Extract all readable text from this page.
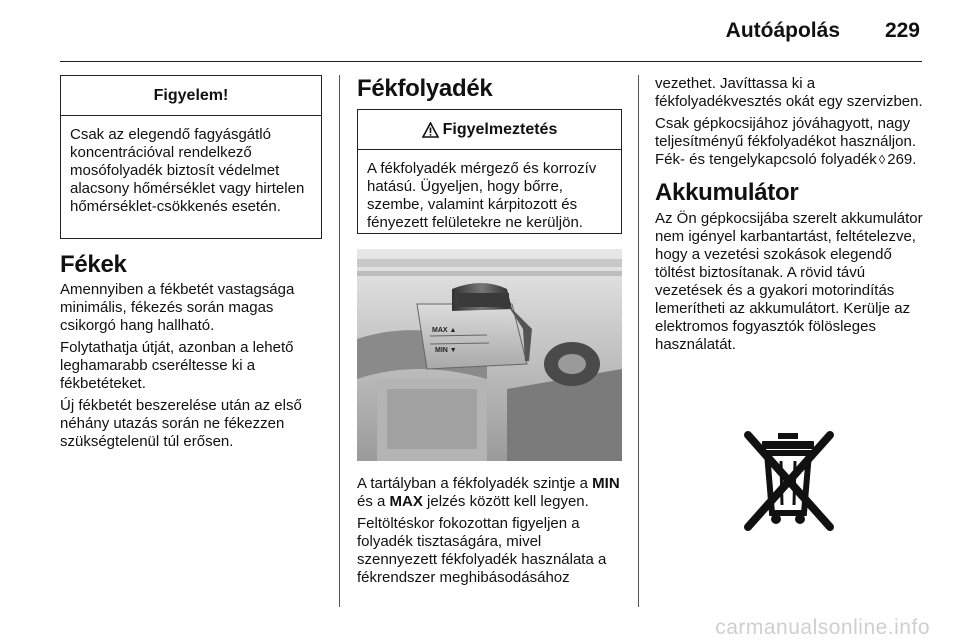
Autóápolás 229
Figyelem!
Csak az elegendő fagyásgátló koncentrációval rendelkező mosófolyadék biztosít védelmet alacsony hőmérséklet vagy hirtelen hőmérséklet-csökkenés esetén.
Fékek

Amennyiben a fékbetét vastagsága minimális, fékezés során magas csikorgó hang hallható.

Folytathatja útját, azonban a lehető leghamarabb cseréltesse ki a fékbetéteket.

Új fékbetét beszerelése után az első néhány utazás során ne fékezzen szükségtelenül túl erősen.

Fékfolyadék
Figyelmeztetés
A fékfolyadék mérgező és korrozív hatású. Ügyeljen, hogy bőrre, szembe, valamint kárpitozott és fényezett felületekre ne kerüljön.
MAX ▲
MIN ▼

A tartályban a fékfolyadék szintje a MIN és a MAX jelzés között kell legyen.

Feltöltéskor fokozottan figyeljen a folyadék tisztaságára, mivel szennyezett fékfolyadék használata a fékrendszer meghibásodásához

vezethet. Javíttassa ki a fékfolyadékvesztés okát egy szervizben.

Csak gépkocsijához jóváhagyott, nagy teljesítményű fékfolyadékot használjon. Fék- és tengelykapcsoló folyadék ◊ 269.

Akkumulátor

Az Ön gépkocsijába szerelt akkumulátor nem igényel karbantartást, feltételezve, hogy a vezetési szokások elegendő töltést biztosítanak. A rövid távú vezetések és a gyakori motorindítás lemerítheti az akkumulátort. Kerülje az elektromos fogyasztók fölösleges használatát.

carmanualsonline.info
